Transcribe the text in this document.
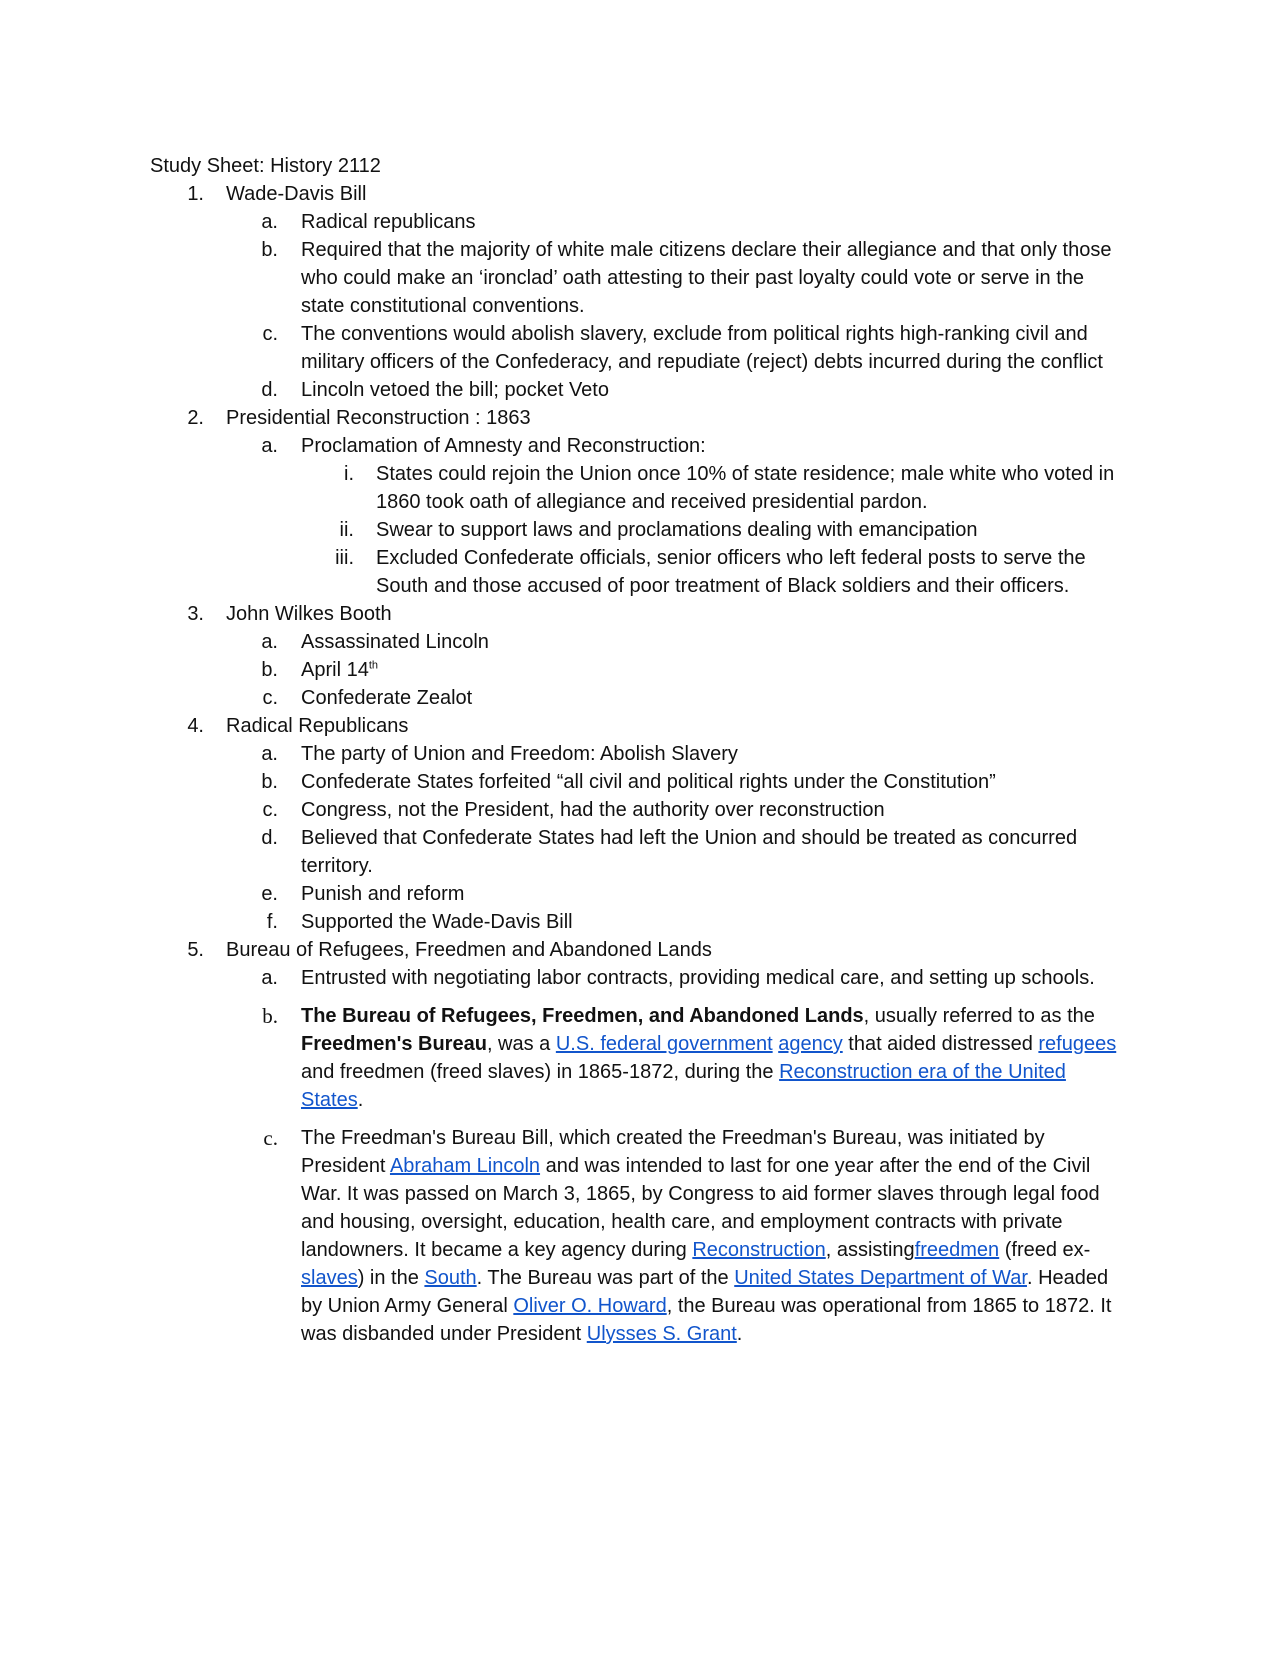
Study Sheet: History 2112
1. Wade-Davis Bill
a. Radical republicans
b. Required that the majority of white male citizens declare their allegiance and that only those who could make an ‘ironclad’ oath attesting to their past loyalty could vote or serve in the state constitutional conventions.
c. The conventions would abolish slavery, exclude from political rights high-ranking civil and military officers of the Confederacy, and repudiate (reject) debts incurred during the conflict
d. Lincoln vetoed the bill; pocket Veto
2. Presidential Reconstruction : 1863
a. Proclamation of Amnesty and Reconstruction:
i. States could rejoin the Union once 10% of state residence; male white who voted in 1860 took oath of allegiance and received presidential pardon.
ii. Swear to support laws and proclamations dealing with emancipation
iii. Excluded Confederate officials, senior officers who left federal posts to serve the South and those accused of poor treatment of Black soldiers and their officers.
3. John Wilkes Booth
a. Assassinated Lincoln
b. April 14th
c. Confederate Zealot
4. Radical Republicans
a. The party of Union and Freedom: Abolish Slavery
b. Confederate States forfeited “all civil and political rights under the Constitution”
c. Congress, not the President, had the authority over reconstruction
d. Believed that Confederate States had left the Union and should be treated as concurred territory.
e. Punish and reform
f. Supported the Wade-Davis Bill
5. Bureau of Refugees, Freedmen and Abandoned Lands
a. Entrusted with negotiating labor contracts, providing medical care, and setting up schools.
b. The Bureau of Refugees, Freedmen, and Abandoned Lands, usually referred to as the Freedmen's Bureau, was a U.S. federal government agency that aided distressed refugees and freedmen (freed slaves) in 1865-1872, during the Reconstruction era of the United States.
c. The Freedman's Bureau Bill, which created the Freedman's Bureau, was initiated by President Abraham Lincoln and was intended to last for one year after the end of the Civil War. It was passed on March 3, 1865, by Congress to aid former slaves through legal food and housing, oversight, education, health care, and employment contracts with private landowners. It became a key agency during Reconstruction, assistingfreedmen (freed ex-slaves) in the South. The Bureau was part of the United States Department of War. Headed by Union Army General Oliver O. Howard, the Bureau was operational from 1865 to 1872. It was disbanded under President Ulysses S. Grant.
